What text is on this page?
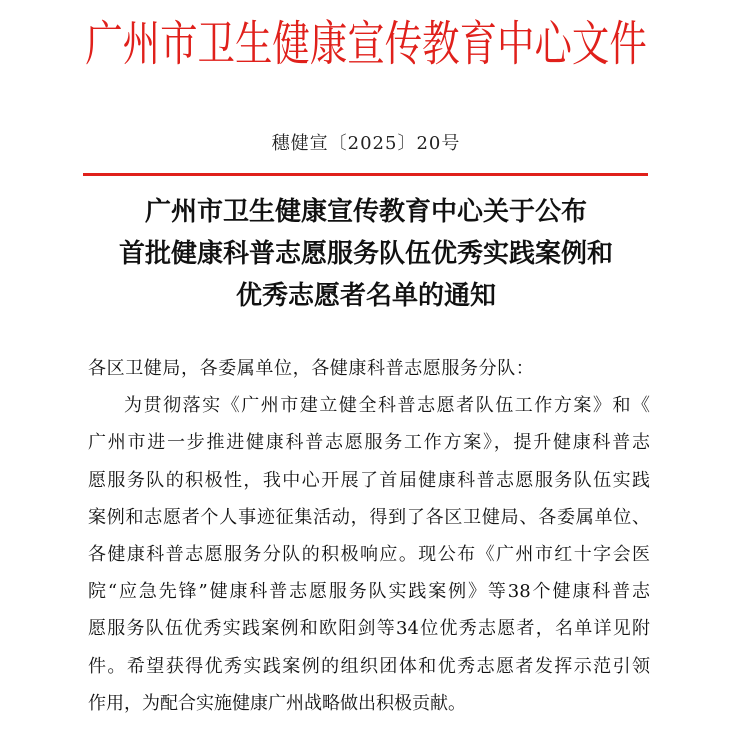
广州市卫生健康宣传教育中心文件
穗健宣〔2025〕20号
广州市卫生健康宣传教育中心关于公布
首批健康科普志愿服务队伍优秀实践案例和
优秀志愿者名单的通知
各区卫健局，各委属单位，各健康科普志愿服务分队：
为贯彻落实《广州市建立健全科普志愿者队伍工作方案》和《
广州市进一步推进健康科普志愿服务工作方案》，提升健康科普志
愿服务队的积极性，我中心开展了首届健康科普志愿服务队伍实践
案例和志愿者个人事迹征集活动，得到了各区卫健局、各委属单位、
各健康科普志愿服务分队的积极响应。现公布《广州市红十字会医
院“应急先锋”健康科普志愿服务队实践案例》等38个健康科普志
愿服务队伍优秀实践案例和欧阳剑等34位优秀志愿者，名单详见附
件。希望获得优秀实践案例的组织团体和优秀志愿者发挥示范引领
作用，为配合实施健康广州战略做出积极贡献。
